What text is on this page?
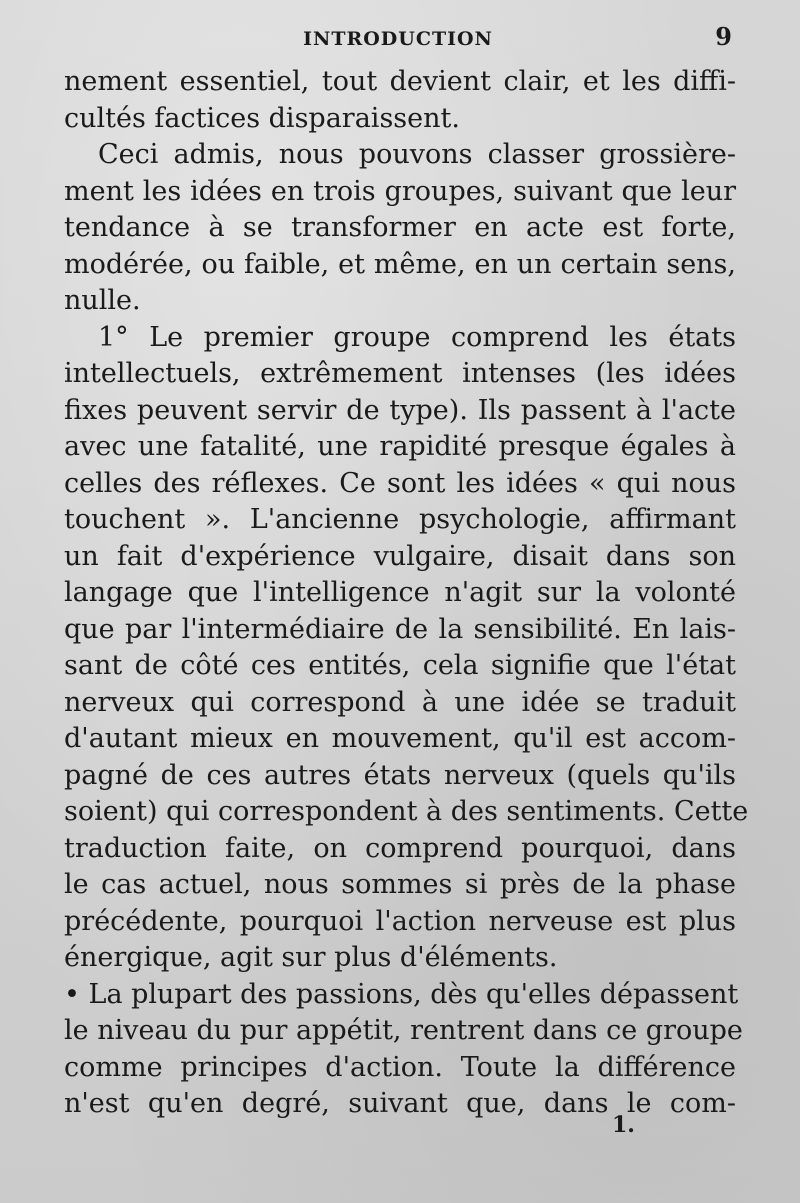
INTRODUCTION	9
nement essentiel, tout devient clair, et les diffi-
cultés factices disparaissent.
Ceci admis, nous pouvons classer grossière-
ment les idées en trois groupes, suivant que leur
tendance à se transformer en acte est forte,
modérée, ou faible, et même, en un certain sens,
nulle.
1° Le premier groupe comprend les états
intellectuels, extrêmement intenses (les idées
fixes peuvent servir de type). Ils passent à l'acte
avec une fatalité, une rapidité presque égales à
celles des réflexes. Ce sont les idées « qui nous
touchent ». L'ancienne psychologie, affirmant
un fait d'expérience vulgaire, disait dans son
langage que l'intelligence n'agit sur la volonté
que par l'intermédiaire de la sensibilité. En lais-
sant de côté ces entités, cela signifie que l'état
nerveux qui correspond à une idée se traduit
d'autant mieux en mouvement, qu'il est accom-
pagné de ces autres états nerveux (quels qu'ils
soient) qui correspondent à des sentiments. Cette
traduction faite, on comprend pourquoi, dans
le cas actuel, nous sommes si près de la phase
précédente, pourquoi l'action nerveuse est plus
énergique, agit sur plus d'éléments.
• La plupart des passions, dès qu'elles dépassent
le niveau du pur appétit, rentrent dans ce groupe
comme principes d'action. Toute la différence
n'est qu'en degré, suivant que, dans le com-
1.
